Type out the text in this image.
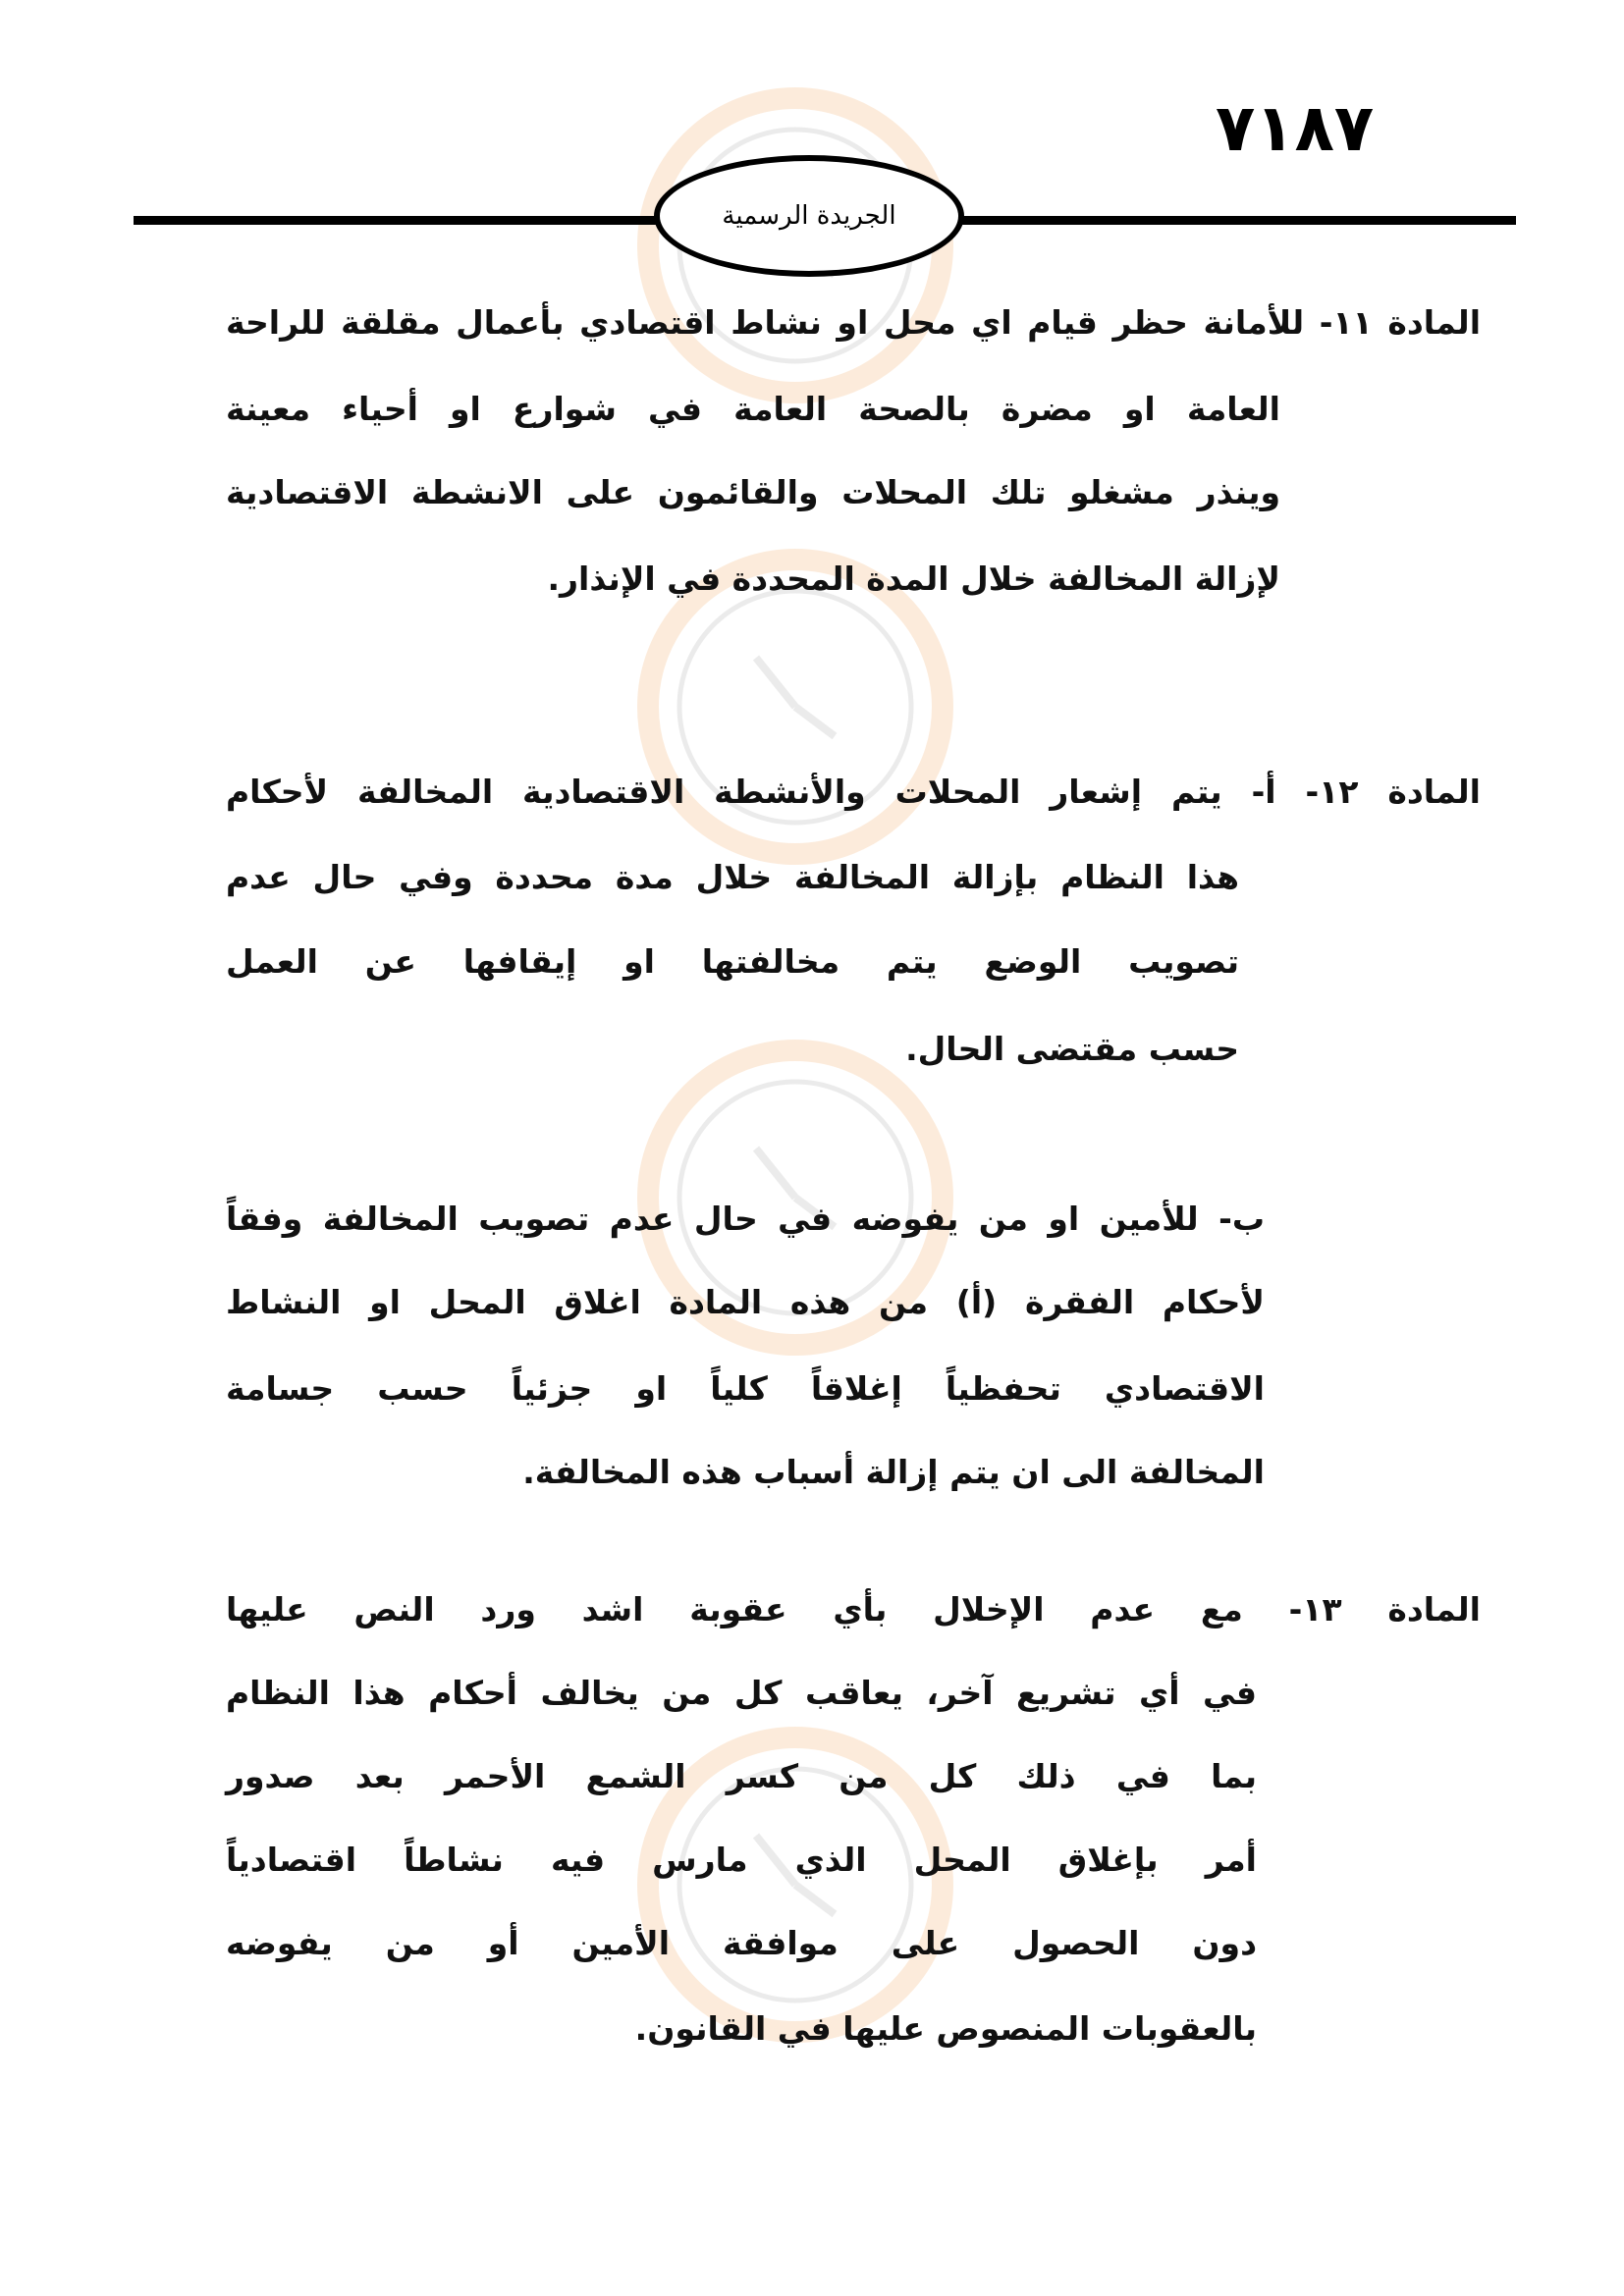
٧١٨٧
الجريدة الرسمية
المادة ١١- للأمانة حظر قيام اي محل او نشاط اقتصادي بأعمال مقلقة للراحة
العامة او مضرة بالصحة العامة في شوارع او أحياء معينة
وينذر مشغلو تلك المحلات والقائمون على الانشطة الاقتصادية
لإزالة المخالفة خلال المدة المحددة في الإنذار.
المادة ١٢- أ- يتم إشعار المحلات والأنشطة الاقتصادية المخالفة لأحكام
هذا النظام بإزالة المخالفة خلال مدة محددة وفي حال عدم
تصويب الوضع يتم مخالفتها او إيقافها عن العمل
حسب مقتضى الحال.
ب- للأمين او من يفوضه في حال عدم تصويب المخالفة وفقاً
لأحكام الفقرة (أ) من هذه المادة اغلاق المحل او النشاط
الاقتصادي تحفظياً إغلاقاً كلياً او جزئياً حسب جسامة
المخالفة الى ان يتم إزالة أسباب هذه المخالفة.
المادة ١٣- مع عدم الإخلال بأي عقوبة اشد ورد النص عليها
في أي تشريع آخر، يعاقب كل من يخالف أحكام هذا النظام
بما في ذلك كل من كسر الشمع الأحمر بعد صدور
أمر بإغلاق المحل الذي مارس فيه نشاطاً اقتصادياً
دون الحصول على موافقة الأمين أو من يفوضه
بالعقوبات المنصوص عليها في القانون.
